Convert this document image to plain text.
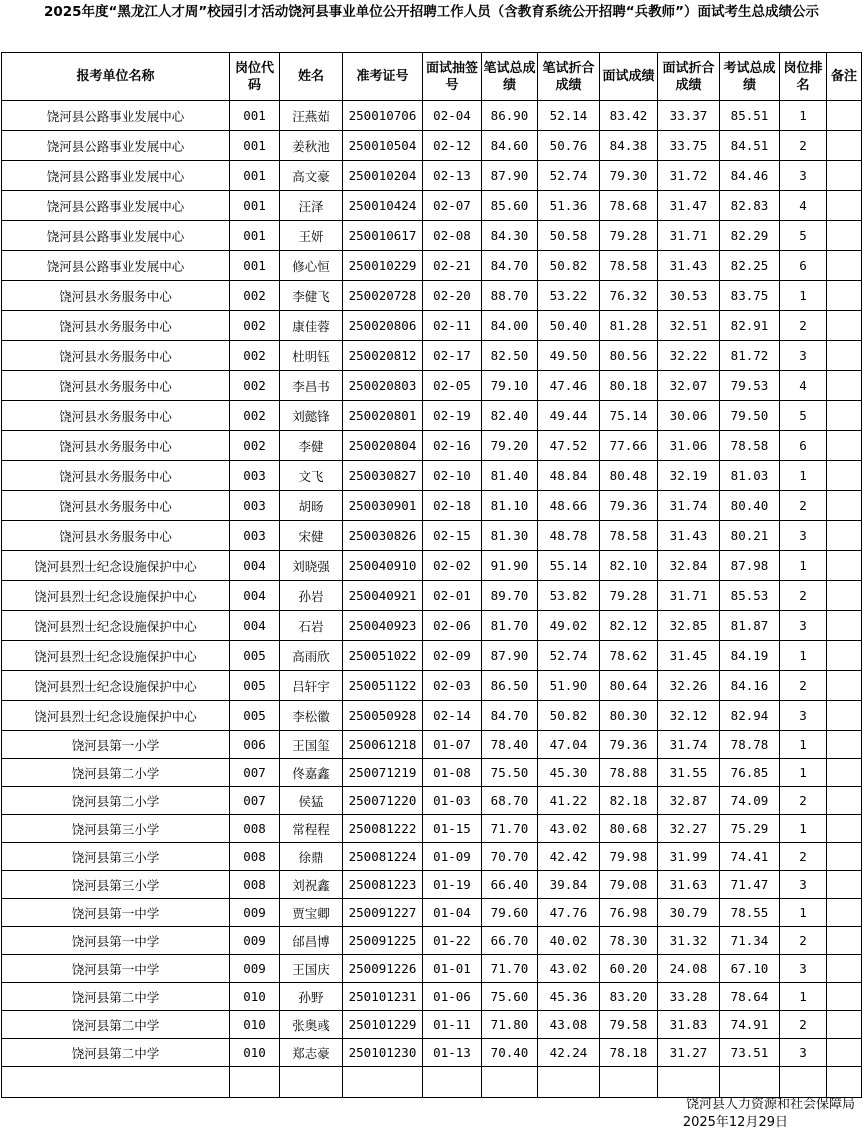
2025年度“黑龙江人才周”校园引才活动饶河县事业单位公开招聘工作人员（含教育系统公开招聘“兵教师”）面试考生总成绩公示
报考单位名称	岗位代码	姓名	准考证号	面试抽签号	笔试总成绩	笔试折合成绩	面试成绩	面试折合成绩	考试总成绩	岗位排名	备注
饶河县公路事业发展中心	001	汪燕茹	250010706	02-04	86.90	52.14	83.42	33.37	85.51	1	
饶河县公路事业发展中心	001	姜秋池	250010504	02-12	84.60	50.76	84.38	33.75	84.51	2	
饶河县公路事业发展中心	001	高文豪	250010204	02-13	87.90	52.74	79.30	31.72	84.46	3	
饶河县公路事业发展中心	001	汪泽	250010424	02-07	85.60	51.36	78.68	31.47	82.83	4	
饶河县公路事业发展中心	001	王妍	250010617	02-08	84.30	50.58	79.28	31.71	82.29	5	
饶河县公路事业发展中心	001	修心恒	250010229	02-21	84.70	50.82	78.58	31.43	82.25	6	
饶河县水务服务中心	002	李健飞	250020728	02-20	88.70	53.22	76.32	30.53	83.75	1	
饶河县水务服务中心	002	康佳蓉	250020806	02-11	84.00	50.40	81.28	32.51	82.91	2	
饶河县水务服务中心	002	杜明钰	250020812	02-17	82.50	49.50	80.56	32.22	81.72	3	
饶河县水务服务中心	002	李昌书	250020803	02-05	79.10	47.46	80.18	32.07	79.53	4	
饶河县水务服务中心	002	刘懿锋	250020801	02-19	82.40	49.44	75.14	30.06	79.50	5	
饶河县水务服务中心	002	李健	250020804	02-16	79.20	47.52	77.66	31.06	78.58	6	
饶河县水务服务中心	003	文飞	250030827	02-10	81.40	48.84	80.48	32.19	81.03	1	
饶河县水务服务中心	003	胡旸	250030901	02-18	81.10	48.66	79.36	31.74	80.40	2	
饶河县水务服务中心	003	宋健	250030826	02-15	81.30	48.78	78.58	31.43	80.21	3	
饶河县烈士纪念设施保护中心	004	刘晓强	250040910	02-02	91.90	55.14	82.10	32.84	87.98	1	
饶河县烈士纪念设施保护中心	004	孙岩	250040921	02-01	89.70	53.82	79.28	31.71	85.53	2	
饶河县烈士纪念设施保护中心	004	石岩	250040923	02-06	81.70	49.02	82.12	32.85	81.87	3	
饶河县烈士纪念设施保护中心	005	高雨欣	250051022	02-09	87.90	52.74	78.62	31.45	84.19	1	
饶河县烈士纪念设施保护中心	005	吕轩宇	250051122	02-03	86.50	51.90	80.64	32.26	84.16	2	
饶河县烈士纪念设施保护中心	005	李松徽	250050928	02-14	84.70	50.82	80.30	32.12	82.94	3	
饶河县第一小学	006	王国玺	250061218	01-07	78.40	47.04	79.36	31.74	78.78	1	
饶河县第二小学	007	佟嘉鑫	250071219	01-08	75.50	45.30	78.88	31.55	76.85	1	
饶河县第二小学	007	侯猛	250071220	01-03	68.70	41.22	82.18	32.87	74.09	2	
饶河县第三小学	008	常程程	250081222	01-15	71.70	43.02	80.68	32.27	75.29	1	
饶河县第三小学	008	徐鼎	250081224	01-09	70.70	42.42	79.98	31.99	74.41	2	
饶河县第三小学	008	刘祝鑫	250081223	01-19	66.40	39.84	79.08	31.63	71.47	3	
饶河县第一中学	009	贾宝卿	250091227	01-04	79.60	47.76	76.98	30.79	78.55	1	
饶河县第一中学	009	邰昌博	250091225	01-22	66.70	40.02	78.30	31.32	71.34	2	
饶河县第一中学	009	王国庆	250091226	01-01	71.70	43.02	60.20	24.08	67.10	3	
饶河县第二中学	010	孙野	250101231	01-06	75.60	45.36	83.20	33.28	78.64	1	
饶河县第二中学	010	张奥彧	250101229	01-11	71.80	43.08	79.58	31.83	74.91	2	
饶河县第二中学	010	郑志豪	250101230	01-13	70.40	42.24	78.18	31.27	73.51	3	

饶河县人力资源和社会保障局
2025年12月29日
